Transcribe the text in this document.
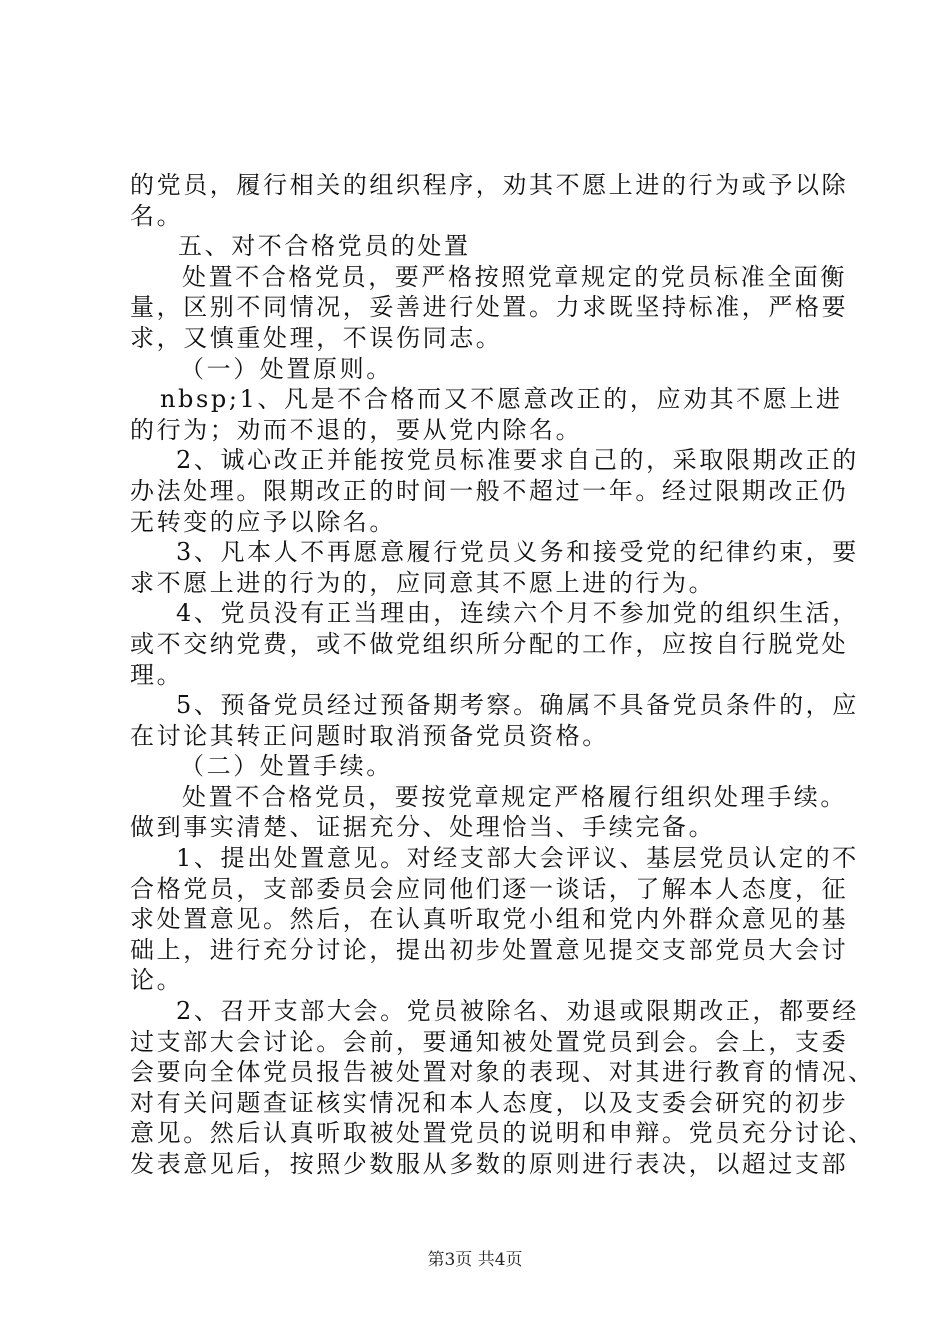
的党员，履行相关的组织程序，劝其不愿上进的行为或予以除
名。
五、对不合格党员的处置
处置不合格党员，要严格按照党章规定的党员标准全面衡
量，区别不同情况，妥善进行处置。力求既坚持标准，严格要
求，又慎重处理，不误伤同志。
（一）处置原则。
nbsp;1、凡是不合格而又不愿意改正的，应劝其不愿上进
的行为；劝而不退的，要从党内除名。
2、诚心改正并能按党员标准要求自己的，采取限期改正的
办法处理。限期改正的时间一般不超过一年。经过限期改正仍
无转变的应予以除名。
3、凡本人不再愿意履行党员义务和接受党的纪律约束，要
求不愿上进的行为的，应同意其不愿上进的行为。
4、党员没有正当理由，连续六个月不参加党的组织生活，
或不交纳党费，或不做党组织所分配的工作，应按自行脱党处
理。
5、预备党员经过预备期考察。确属不具备党员条件的，应
在讨论其转正问题时取消预备党员资格。
（二）处置手续。
处置不合格党员，要按党章规定严格履行组织处理手续。
做到事实清楚、证据充分、处理恰当、手续完备。
1、提出处置意见。对经支部大会评议、基层党员认定的不
合格党员，支部委员会应同他们逐一谈话，了解本人态度，征
求处置意见。然后，在认真听取党小组和党内外群众意见的基
础上，进行充分讨论，提出初步处置意见提交支部党员大会讨
论。
2、召开支部大会。党员被除名、劝退或限期改正，都要经
过支部大会讨论。会前，要通知被处置党员到会。会上，支委
会要向全体党员报告被处置对象的表现、对其进行教育的情况、
对有关问题查证核实情况和本人态度，以及支委会研究的初步
意见。然后认真听取被处置党员的说明和申辩。党员充分讨论、
发表意见后，按照少数服从多数的原则进行表决，以超过支部
第3页 共4页
